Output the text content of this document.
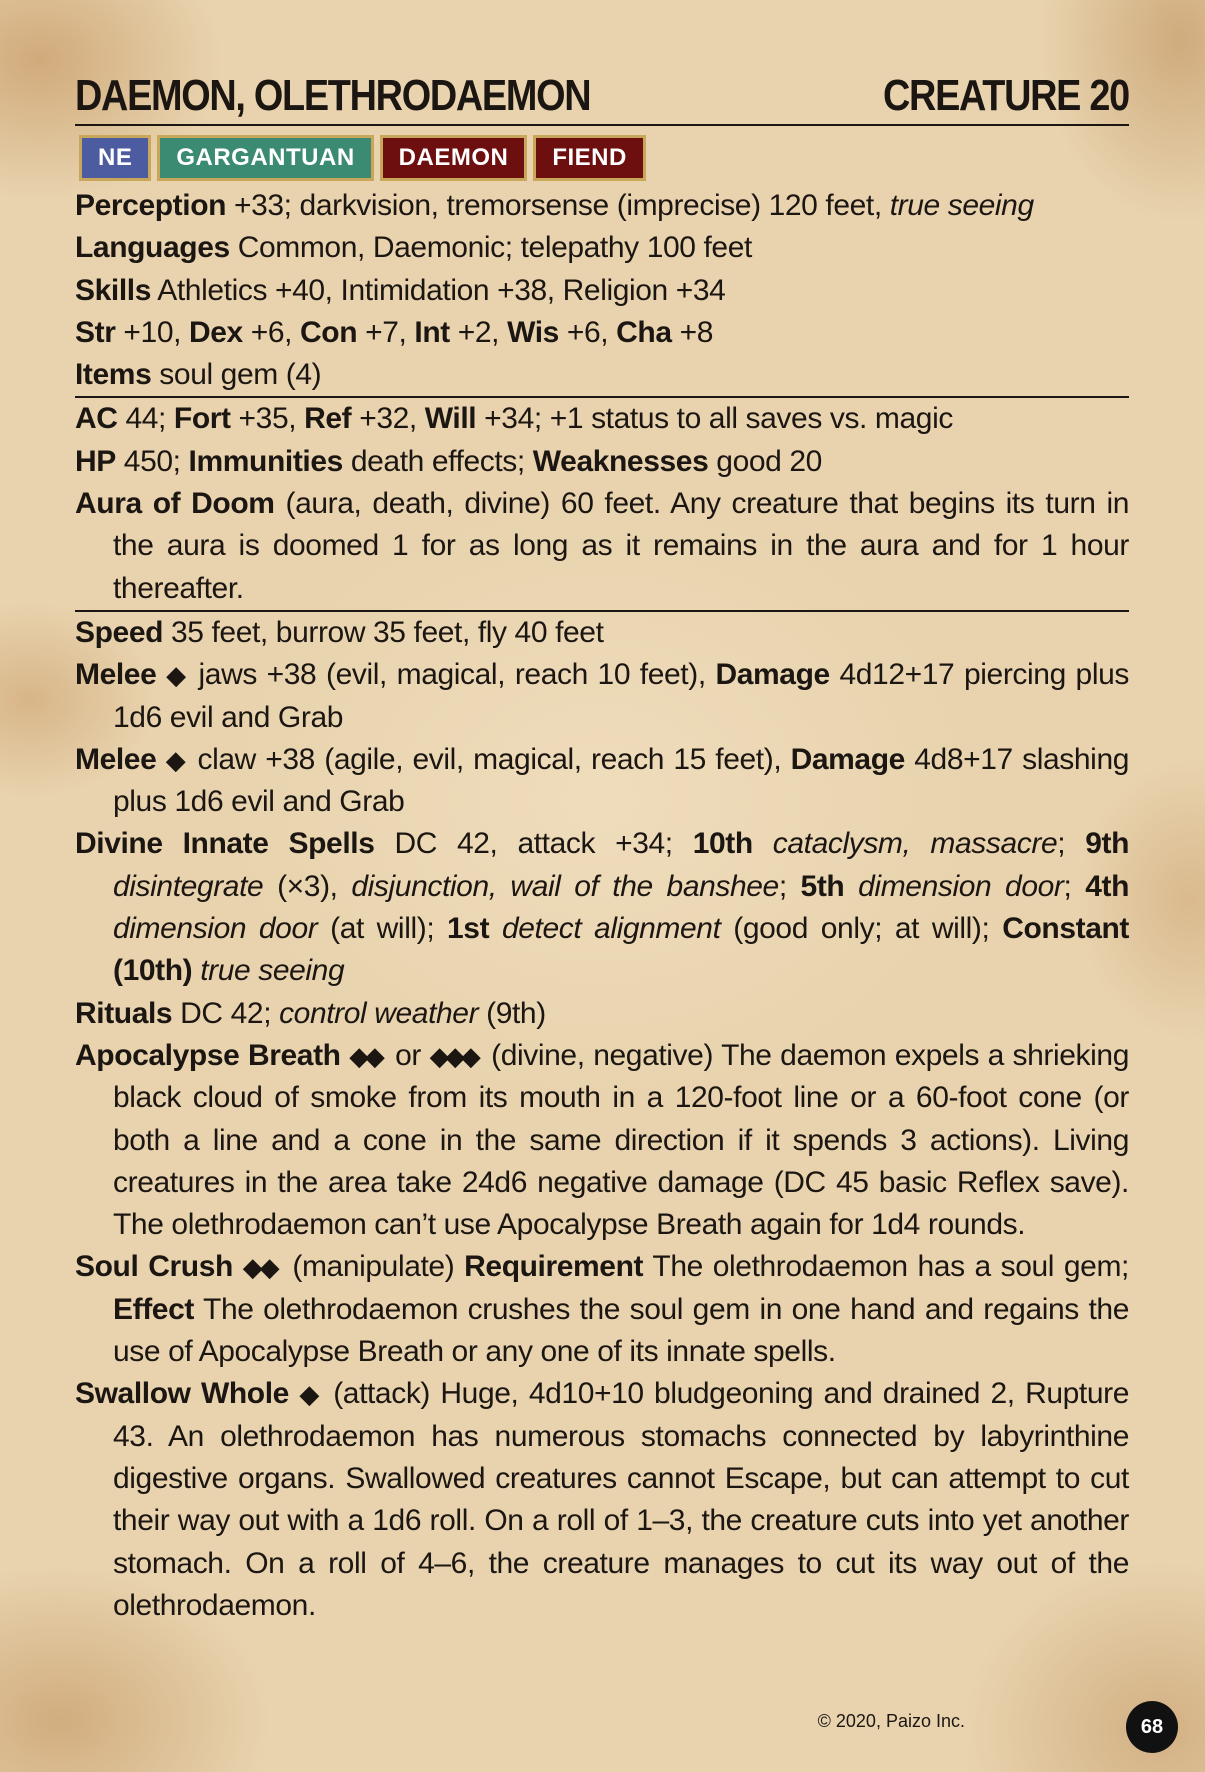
DAEMON, OLETHRODAEMON	CREATURE 20
NE	GARGANTUAN	DAEMON	FIEND

Perception +33; darkvision, tremorsense (imprecise) 120 feet, true seeing

Languages Common, Daemonic; telepathy 100 feet

Skills Athletics +40, Intimidation +38, Religion +34

Str +10, Dex +6, Con +7, Int +2, Wis +6, Cha +8

Items soul gem (4)

AC 44; Fort +35, Ref +32, Will +34; +1 status to all saves vs. magic

HP 450; Immunities death effects; Weaknesses good 20

Aura of Doom (aura, death, divine) 60 feet. Any creature that begins its turn in the aura is doomed 1 for as long as it remains in the aura and for 1 hour thereafter.

Speed 35 feet, burrow 35 feet, fly 40 feet

Melee ◆ jaws +38 (evil, magical, reach 10 feet), Damage 4d12+17 piercing plus 1d6 evil and Grab

Melee ◆ claw +38 (agile, evil, magical, reach 15 feet), Damage 4d8+17 slashing plus 1d6 evil and Grab

Divine Innate Spells DC 42, attack +34; 10th cataclysm, massacre; 9th disintegrate (×3), disjunction, wail of the banshee; 5th dimension door; 4th dimension door (at will); 1st detect alignment (good only; at will); Constant (10th) true seeing

Rituals DC 42; control weather (9th)

Apocalypse Breath ◆◆ or ◆◆◆ (divine, negative) The daemon expels a shrieking black cloud of smoke from its mouth in a 120-foot line or a 60-foot cone (or both a line and a cone in the same direction if it spends 3 actions). Living creatures in the area take 24d6 negative damage (DC 45 basic Reflex save). The olethrodaemon can’t use Apocalypse Breath again for 1d4 rounds.

Soul Crush ◆◆ (manipulate) Requirement The olethrodaemon has a soul gem; Effect The olethrodaemon crushes the soul gem in one hand and regains the use of Apocalypse Breath or any one of its innate spells.

Swallow Whole ◆ (attack) Huge, 4d10+10 bludgeoning and drained 2, Rupture 43. An olethrodaemon has numerous stomachs connected by labyrinthine digestive organs. Swallowed creatures cannot Escape, but can attempt to cut their way out with a 1d6 roll. On a roll of 1–3, the creature cuts into yet another stomach. On a roll of 4–6, the creature manages to cut its way out of the olethrodaemon.

© 2020, Paizo Inc.	68
